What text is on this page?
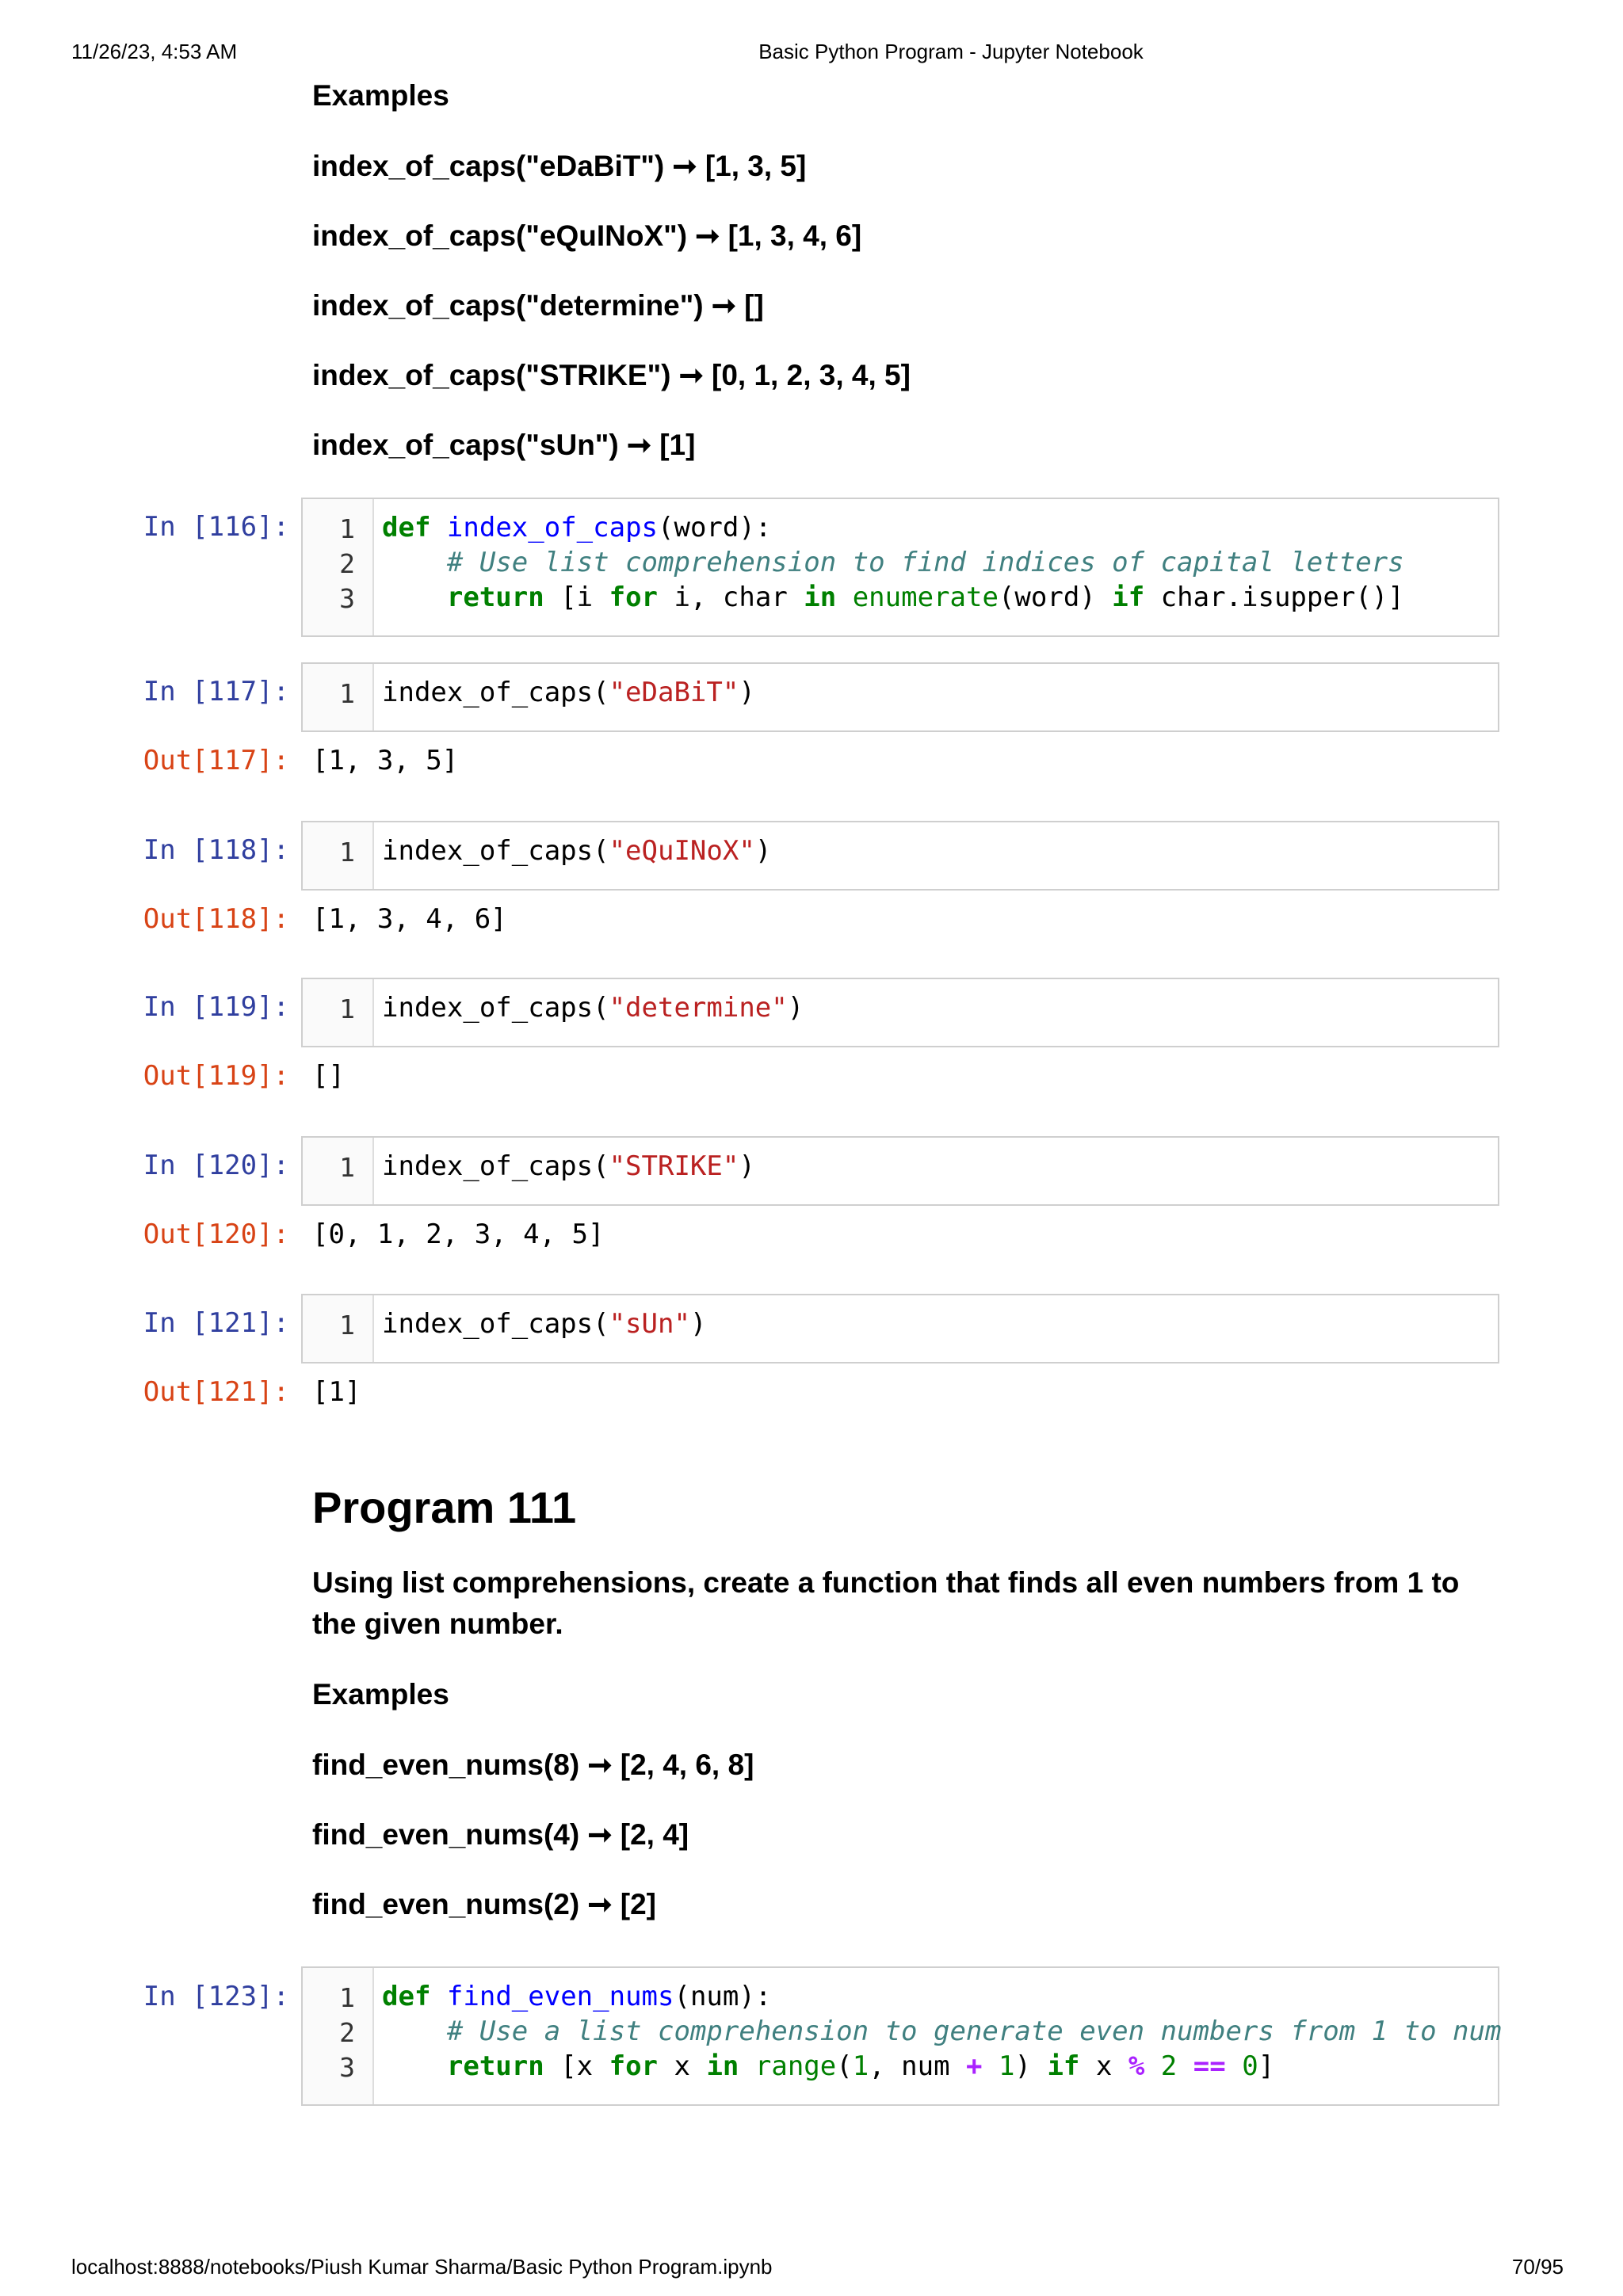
11/26/23, 4:53 AM	Basic Python Program - Jupyter Notebook
localhost:8888/notebooks/Piush Kumar Sharma/Basic Python Program.ipynb	70/95
Examples
index_of_caps("eDaBiT") ➞ [1, 3, 5]
index_of_caps("eQuINoX") ➞ [1, 3, 4, 6]
index_of_caps("determine") ➞ []
index_of_caps("STRIKE") ➞ [0, 1, 2, 3, 4, 5]
index_of_caps("sUn") ➞ [1]
In [116]: 1
2
3
def index_of_caps(word):
# Use list comprehension to find indices of capital letters
return [i for i, char in enumerate(word) if char.isupper()]
In [117]: 1 index_of_caps("eDaBiT")
Out[117]: [1, 3, 5]
In [118]: 1 index_of_caps("eQuINoX")
Out[118]: [1, 3, 4, 6]
In [119]: 1 index_of_caps("determine")
Out[119]: []
In [120]: 1 index_of_caps("STRIKE")
Out[120]: [0, 1, 2, 3, 4, 5]
In [121]: 1 index_of_caps("sUn")
Out[121]: [1]
Program 111
Using list comprehensions, create a function that finds all even numbers from 1 to the given number.
Examples
find_even_nums(8) ➞ [2, 4, 6, 8]
find_even_nums(4) ➞ [2, 4]
find_even_nums(2) ➞ [2]
In [123]: 1
2
3
def find_even_nums(num):
# Use a list comprehension to generate even numbers from 1 to num
return [x for x in range(1, num + 1) if x % 2 == 0]
